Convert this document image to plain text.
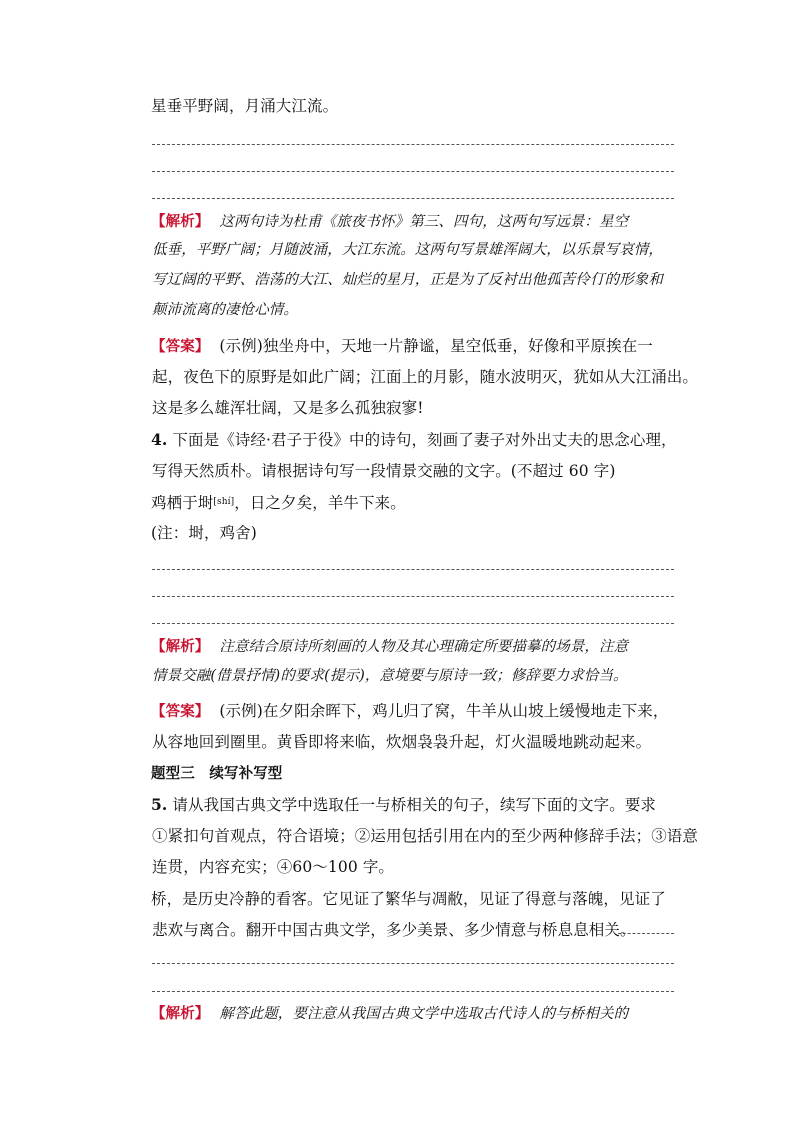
星垂平野阔，月涌大江流。
【解析】 这两句诗为杜甫《旅夜书怀》第三、四句，这两句写远景：星空
低垂，平野广阔；月随波涌，大江东流。这两句写景雄浑阔大，以乐景写哀情，
写辽阔的平野、浩荡的大江、灿烂的星月，正是为了反衬出他孤苦伶仃的形象和
颠沛流离的凄怆心情。
【答案】 (示例)独坐舟中，天地一片静谧，星空低垂，好像和平原挨在一
起，夜色下的原野是如此广阔；江面上的月影，随水波明灭，犹如从大江涌出。
这是多么雄浑壮阔，又是多么孤独寂寥!
4. 下面是《诗经·君子于役》中的诗句，刻画了妻子对外出丈夫的思念心理，
写得天然质朴。请根据诗句写一段情景交融的文字。(不超过 60 字)
鸡栖于埘[shí]，日之夕矣，羊牛下来。
(注：埘，鸡舍)
【解析】 注意结合原诗所刻画的人物及其心理确定所要描摹的场景，注意
情景交融(借景抒情)的要求(提示)，意境要与原诗一致；修辞要力求恰当。
【答案】 (示例)在夕阳余晖下，鸡儿归了窝，牛羊从山坡上缓慢地走下来，
从容地回到圈里。黄昏即将来临，炊烟袅袅升起，灯火温暖地跳动起来。
题型三　续写补写型
5. 请从我国古典文学中选取任一与桥相关的句子，续写下面的文字。要求
①紧扣句首观点，符合语境；②运用包括引用在内的至少两种修辞手法；③语意
连贯，内容充实；④60～100 字。
桥，是历史冷静的看客。它见证了繁华与凋敝，见证了得意与落魄，见证了
悲欢与离合。翻开中国古典文学，多少美景、多少情意与桥息息相关。
【解析】 解答此题，要注意从我国古典文学中选取古代诗人的与桥相关的
